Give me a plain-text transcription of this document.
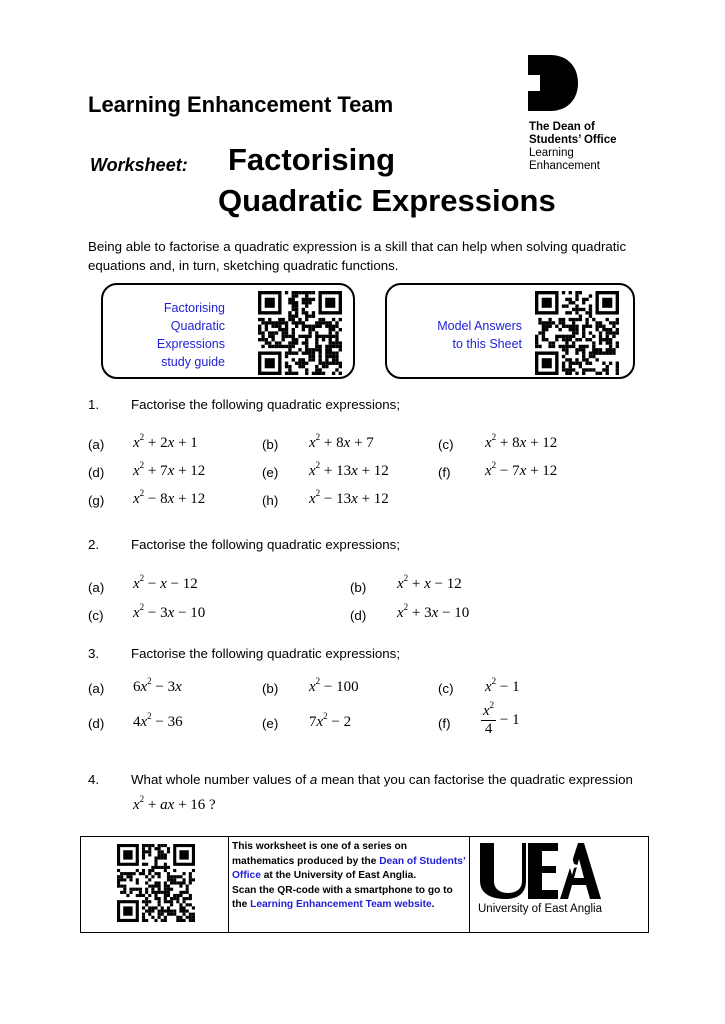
Learning Enhancement Team
Worksheet: Factorising
Quadratic Expressions
The Dean of
Students’ Office
Learning
Enhancement
Being able to factorise a quadratic expression is a skill that can help when solving quadratic equations and, in turn, sketching quadratic functions.
Factorising
Quadratic
Expressions
study guide
Model Answers
to this Sheet
1. Factorise the following quadratic expressions;
(a) $x^2 + 2x + 1$	(b) $x^2 + 8x + 7$	(c) $x^2 + 8x + 12$
(d) $x^2 + 7x + 12$	(e) $x^2 + 13x + 12$	(f) $x^2 - 7x + 12$
(g) $x^2 - 8x + 12$	(h) $x^2 - 13x + 12$
2. Factorise the following quadratic expressions;
(a) $x^2 - x - 12$	(b) $x^2 + x - 12$
(c) $x^2 - 3x - 10$	(d) $x^2 + 3x - 10$
3. Factorise the following quadratic expressions;
(a) $6x^2 - 3x$	(b) $x^2 - 100$	(c) $x^2 - 1$
(d) $4x^2 - 36$	(e) $7x^2 - 2$	$(f) \frac{x^2}{4} - 1$
4. What whole number values of a mean that you can factorise the quadratic expression
$x^2$ + ax + 16 ?
This worksheet is one of a series on mathematics produced by the Dean of Students’ Office at the University of East Anglia.
Scan the QR-code with a smartphone to go to the Learning Enhancement Team website.	University of East Anglia
